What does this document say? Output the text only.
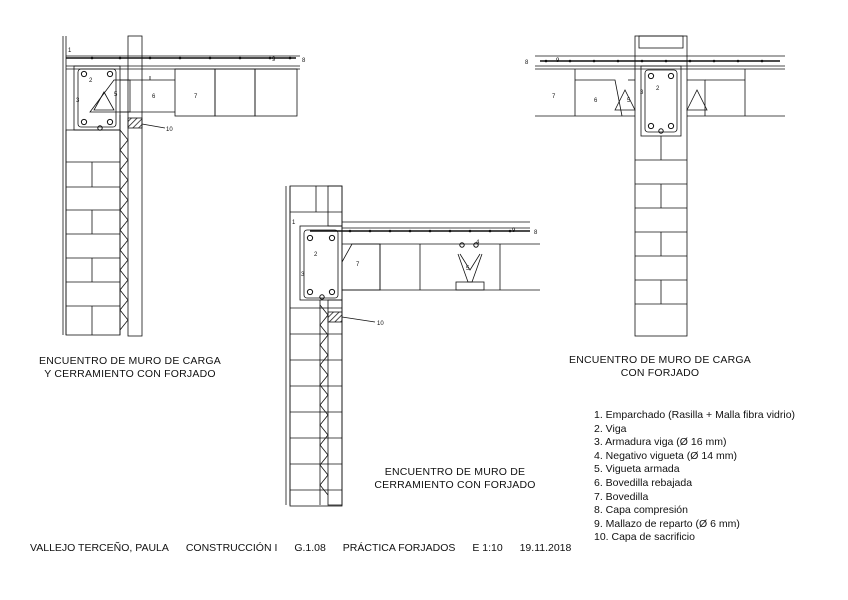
1
2
3
5	6	7
8
9
10
1
2
3
4
5
7
8
9
10
2
3
5
6
7
8	9
ENCUENTRO DE MURO DE CARGA
Y CERRAMIENTO CON FORJADO
ENCUENTRO DE MURO DE
CERRAMIENTO CON FORJADO
ENCUENTRO DE MURO DE CARGA
CON FORJADO
1. Emparchado (Rasilla + Malla fibra vidrio)
2. Viga
3. Armadura viga (Ø 16 mm)
4. Negativo vigueta (Ø 14 mm)
5. Vigueta armada
6. Bovedilla rebajada
7. Bovedilla
8. Capa compresión
9. Mallazo de reparto (Ø 6 mm)
10. Capa de sacrificio
VALLEJO TERCEÑO, PAULA CONSTRUCCIÓN I G.1.08 PRÁCTICA FORJADOS E 1:10 19.11.2018
